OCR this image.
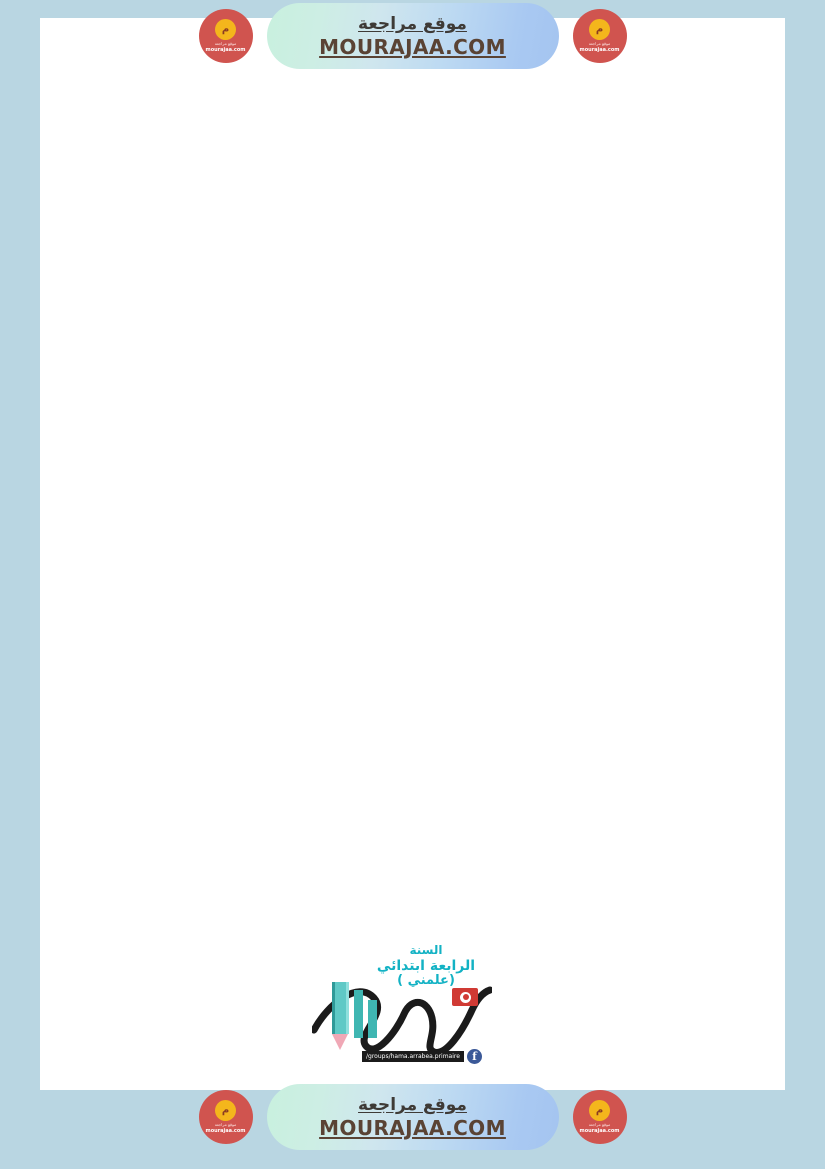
م
موقع مراجعة
mourajaa.com
موقع مراجعة
MOURAJAA.COM
م
موقع مراجعة
mourajaa.com

السنة
الرابعة ابتدائي
(علمني )
f
/groups/hama.arrabea.primaire
م
موقع مراجعة
mourajaa.com
موقع مراجعة
MOURAJAA.COM
م
موقع مراجعة
mourajaa.com
